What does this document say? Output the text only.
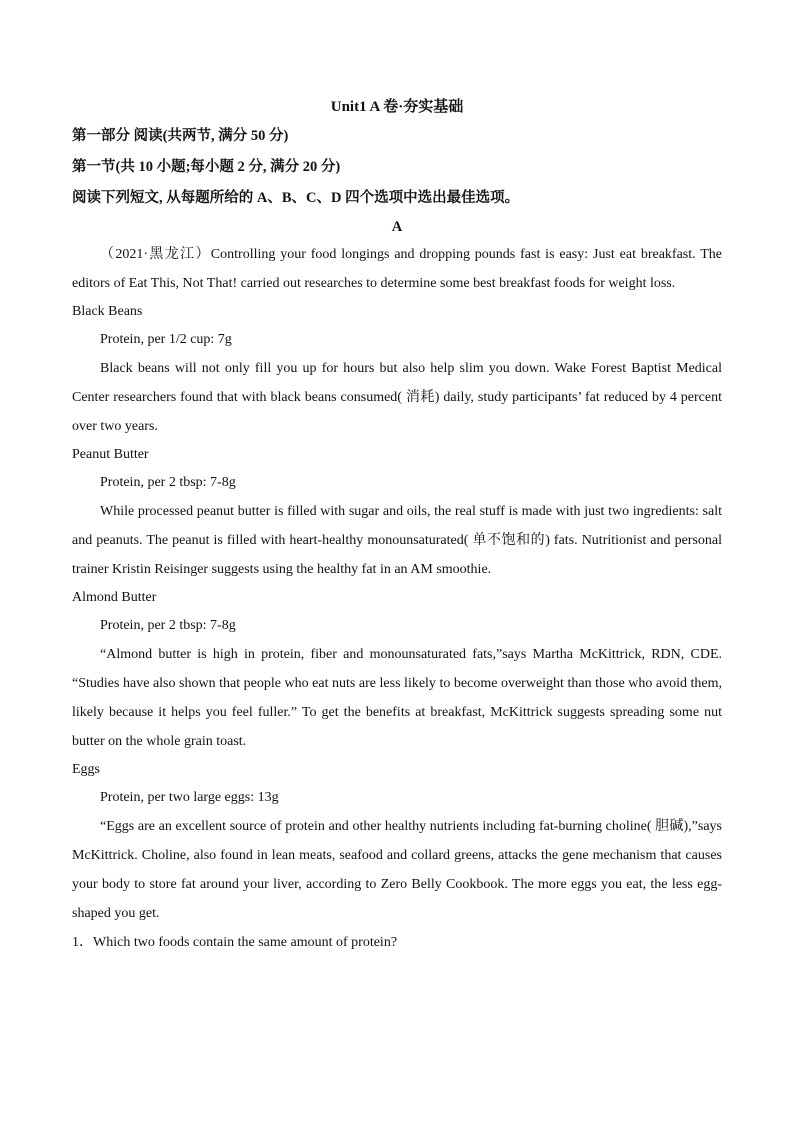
Unit1 A 卷·夯实基础
第一部分 阅读(共两节, 满分 50 分)
第一节(共 10 小题;每小题 2 分, 满分 20 分)
阅读下列短文, 从每题所给的 A、B、C、D 四个选项中选出最佳选项。
A

（2021·黑龙江）Controlling your food longings and dropping pounds fast is easy: Just eat breakfast. The editors of Eat This, Not That! carried out researches to determine some best breakfast foods for weight loss.

Black Beans

Protein, per 1/2 cup: 7g

Black beans will not only fill you up for hours but also help slim you down. Wake Forest Baptist Medical Center researchers found that with black beans consumed( 消耗) daily, study participants’ fat reduced by 4 percent over two years.

Peanut Butter

Protein, per 2 tbsp: 7-8g

While processed peanut butter is filled with sugar and oils, the real stuff is made with just two ingredients: salt and peanuts. The peanut is filled with heart-healthy monounsaturated( 单不饱和的) fats. Nutritionist and personal trainer Kristin Reisinger suggests using the healthy fat in an AM smoothie.

Almond Butter

Protein, per 2 tbsp: 7-8g

“Almond butter is high in protein, fiber and monounsaturated fats,”says Martha McKittrick, RDN, CDE. “Studies have also shown that people who eat nuts are less likely to become overweight than those who avoid them, likely because it helps you feel fuller.” To get the benefits at breakfast, McKittrick suggests spreading some nut butter on the whole grain toast.

Eggs

Protein, per two large eggs: 13g

“Eggs are an excellent source of protein and other healthy nutrients including fat-burning choline( 胆碱),”says McKittrick. Choline, also found in lean meats, seafood and collard greens, attacks the gene mechanism that causes your body to store fat around your liver, according to Zero Belly Cookbook. The more eggs you eat, the less egg-shaped you get.

1．Which two foods contain the same amount of protein?
